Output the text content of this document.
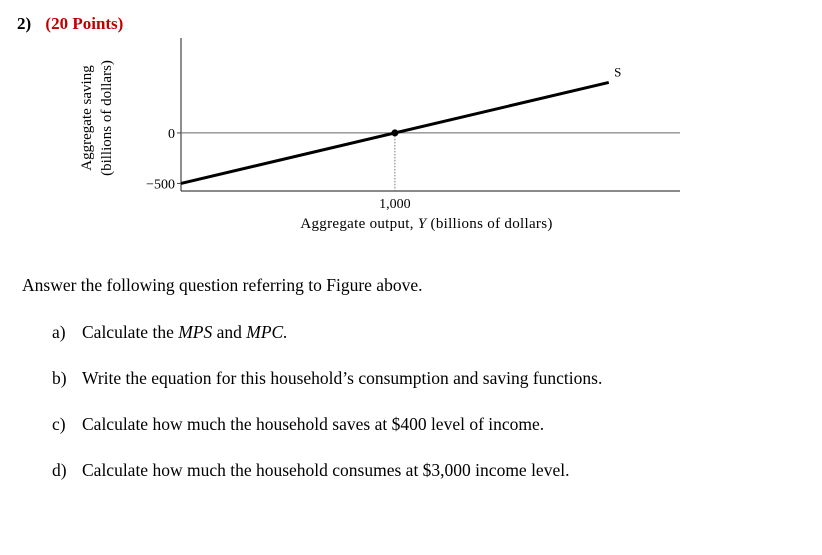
2) (20 Points)
0
−500
1,000
S
Aggregate output, Y (billions of dollars)
Aggregate saving (billions of dollars)
Answer the following question referring to Figure above.
a) Calculate the MPS and MPC.
b) Write the equation for this household’s consumption and saving functions.
c) Calculate how much the household saves at $400 level of income.
d) Calculate how much the household consumes at $3,000 income level.
